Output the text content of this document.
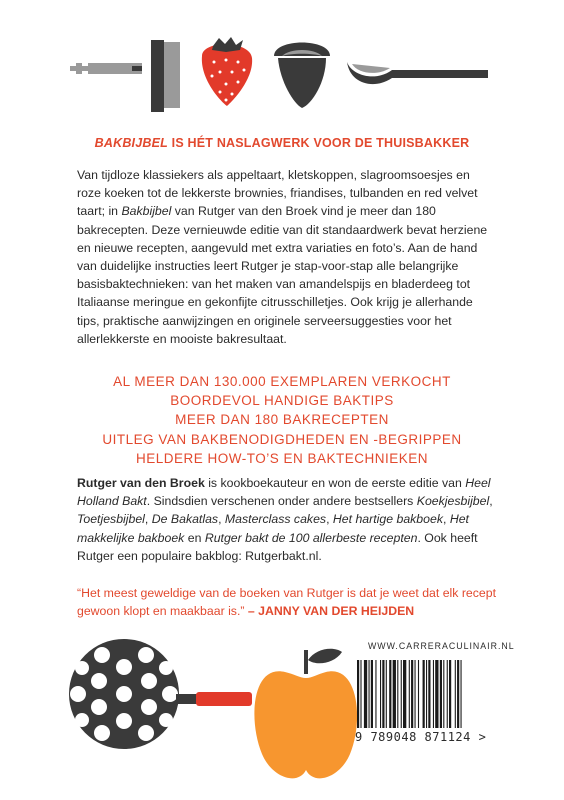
BAKBIJBEL IS HÉT NASLAGWERK VOOR DE THUISBAKKER
Van tijdloze klassiekers als appeltaart, kletskoppen, slagroomsoesjes en roze koeken tot de lekkerste brownies, friandises, tulbanden en red velvet taart; in Bakbijbel van Rutger van den Broek vind je meer dan 180 bakrecepten. Deze vernieuwde editie van dit standaardwerk bevat herziene en nieuwe recepten, aangevuld met extra variaties en foto’s. Aan de hand van duidelijke instructies leert Rutger je stap-voor-stap alle belangrijke basisbaktechnieken: van het maken van amandelspijs en bladerdeeg tot Italiaanse meringue en gekonfijte citrusschilletjes. Ook krijg je allerhande tips, praktische aanwijzingen en originele serveersuggesties voor het allerlekkerste en mooiste bakresultaat.
AL MEER DAN 130.000 EXEMPLAREN VERKOCHT
BOORDEVOL HANDIGE BAKTIPS
MEER DAN 180 BAKRECEPTEN
UITLEG VAN BAKBENODIGDHEDEN EN -BEGRIPPEN
HELDERE HOW-TO’S EN BAKTECHNIEKEN
Rutger van den Broek is kookboekauteur en won de eerste editie van Heel Holland Bakt. Sindsdien verschenen onder andere bestsellers Koekjesbijbel, Toetjesbijbel, De Bakatlas, Masterclass cakes, Het hartige bakboek, Het makkelijke bakboek en Rutger bakt de 100 allerbeste recepten. Ook heeft Rutger een populaire bakblog: Rutgerbakt.nl.
“Het meest geweldige van de boeken van Rutger is dat je weet dat elk recept gewoon klopt en maakbaar is.” – JANNY VAN DER HEIJDEN
WWW.CARRERACULINAIR.NL
9 789048 871124 >
